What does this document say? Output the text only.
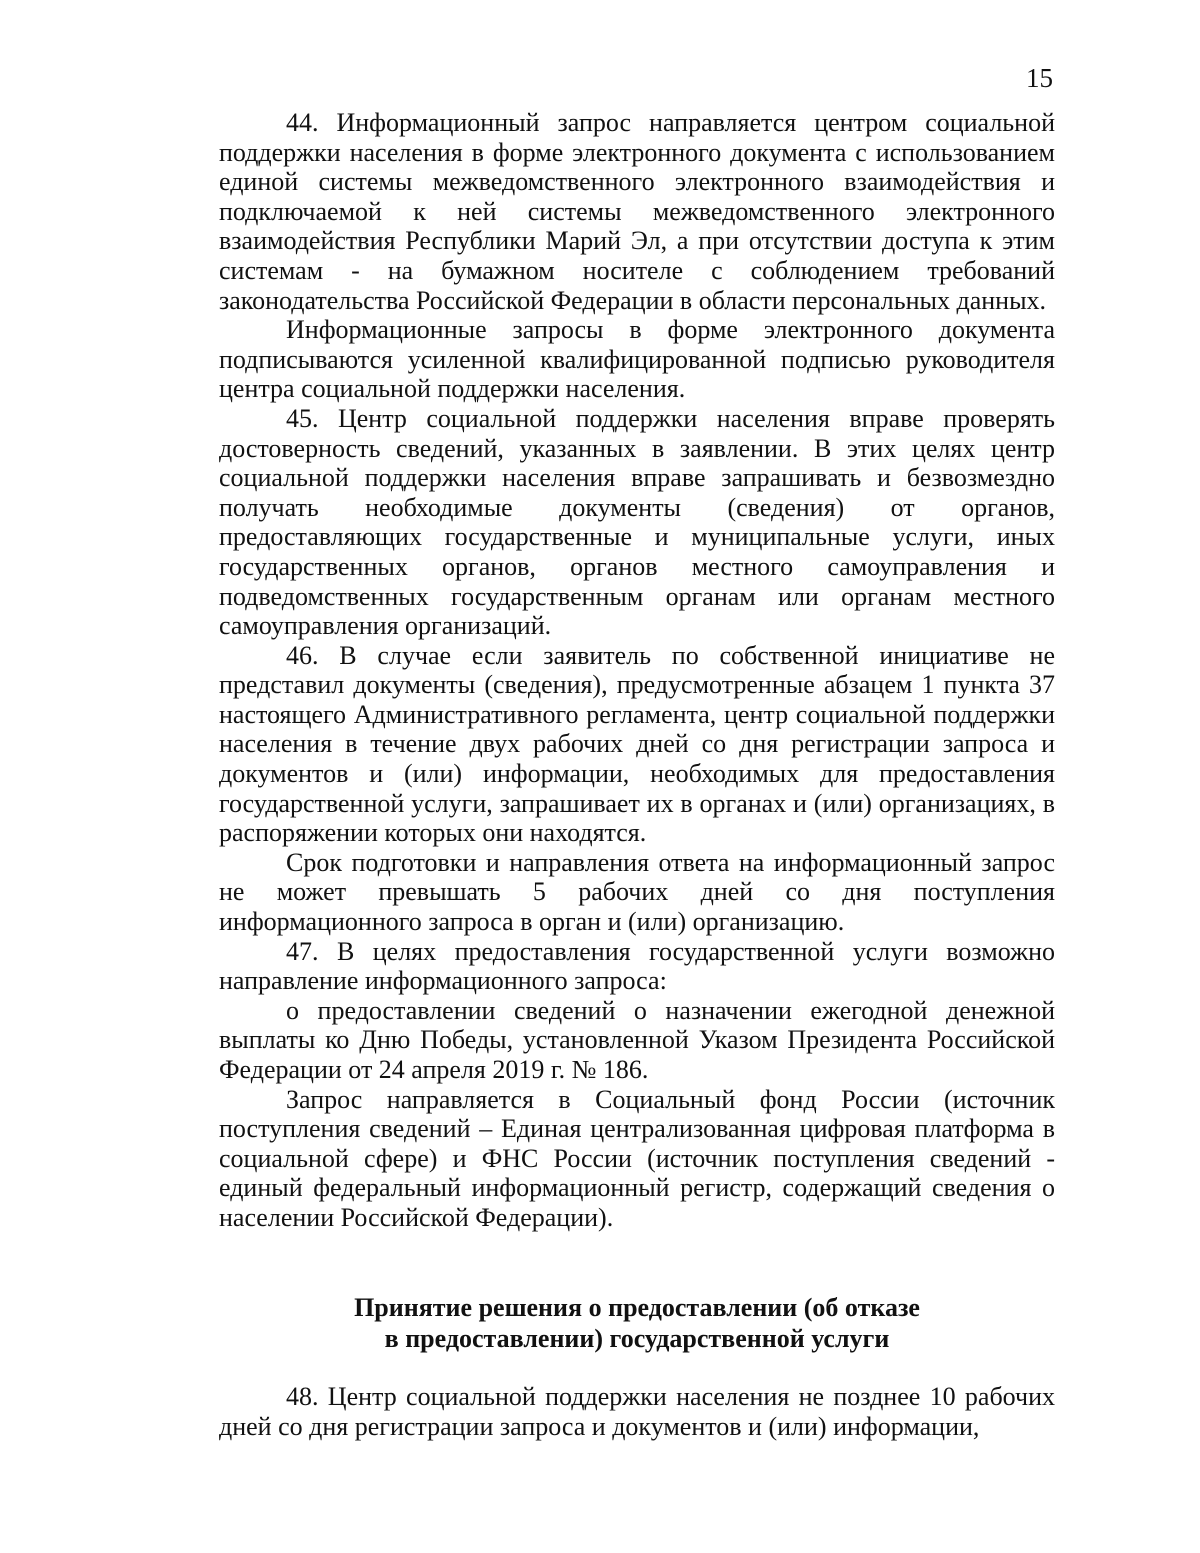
15

44. Информационный запрос направляется центром социальной поддержки населения в форме электронного документа с использованием единой системы межведомственного электронного взаимодействия и подключаемой к ней системы межведомственного электронного взаимодействия Республики Марий Эл, а при отсутствии доступа к этим системам - на бумажном носителе с соблюдением требований законодательства Российской Федерации в области персональных данных.

Информационные запросы в форме электронного документа подписываются усиленной квалифицированной подписью руководителя центра социальной поддержки населения.

45. Центр социальной поддержки населения вправе проверять достоверность сведений, указанных в заявлении. В этих целях центр социальной поддержки населения вправе запрашивать и безвозмездно получать необходимые документы (сведения) от органов, предоставляющих государственные и муниципальные услуги, иных государственных органов, органов местного самоуправления и подведомственных государственным органам или органам местного самоуправления организаций.

46. В случае если заявитель по собственной инициативе не представил документы (сведения), предусмотренные абзацем 1 пункта 37 настоящего Административного регламента, центр социальной поддержки населения в течение двух рабочих дней со дня регистрации запроса и документов и (или) информации, необходимых для предоставления государственной услуги, запрашивает их в органах и (или) организациях, в распоряжении которых они находятся.

Срок подготовки и направления ответа на информационный запрос не может превышать 5 рабочих дней со дня поступления информационного запроса в орган и (или) организацию.

47. В целях предоставления государственной услуги возможно направление информационного запроса:

о предоставлении сведений о назначении ежегодной денежной выплаты ко Дню Победы, установленной Указом Президента Российской Федерации от 24 апреля 2019 г. № 186.

Запрос направляется в Социальный фонд России (источник поступления сведений – Единая централизованная цифровая платформа в социальной сфере) и ФНС России (источник поступления сведений - единый федеральный информационный регистр, содержащий сведения о населении Российской Федерации).

Принятие решения о предоставлении (об отказе
в предоставлении) государственной услуги

48. Центр социальной поддержки населения не позднее 10 рабочих дней со дня регистрации запроса и документов и (или) информации,
